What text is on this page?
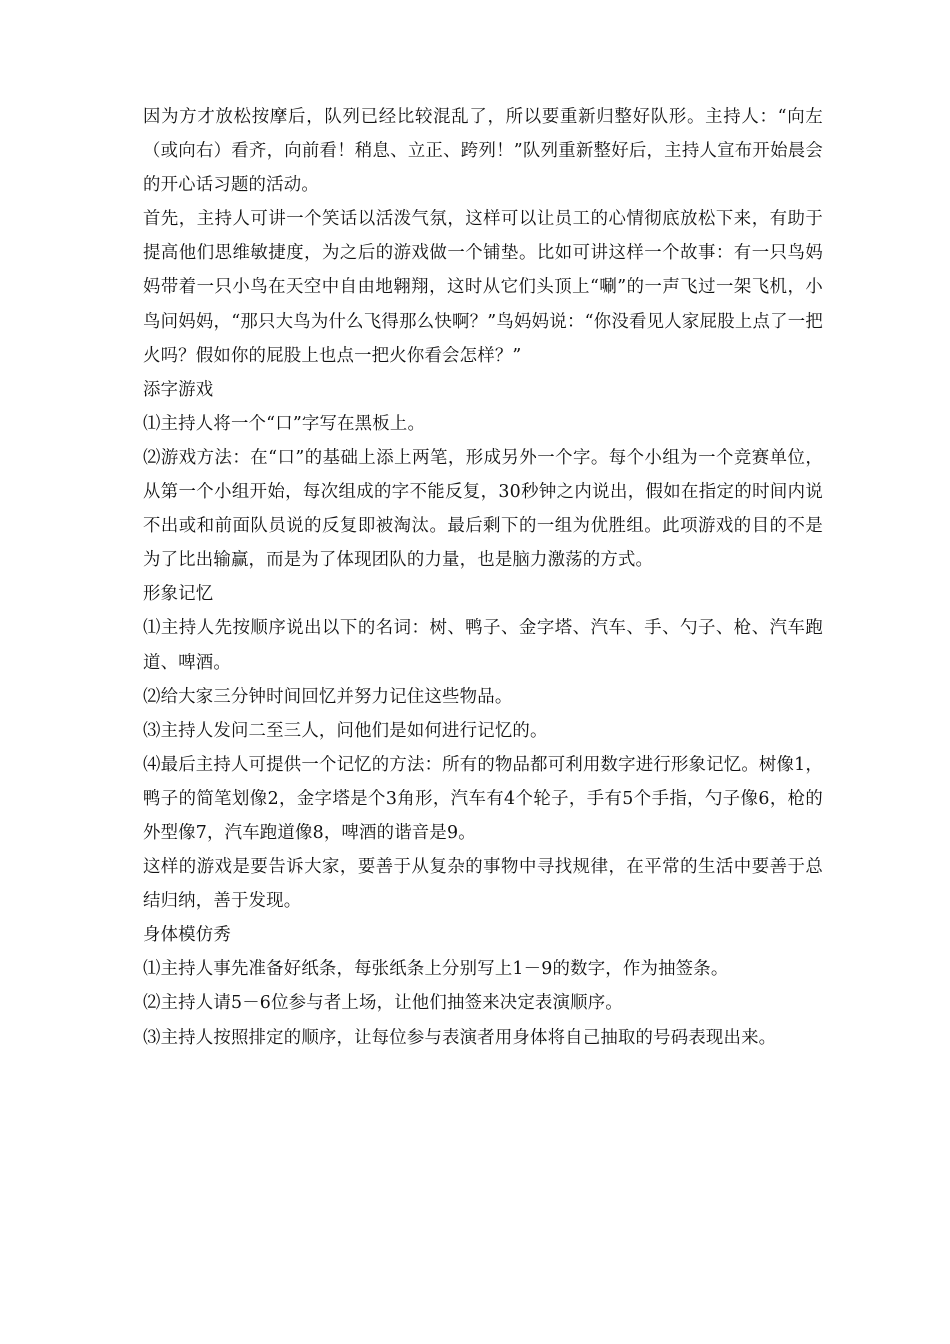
因为方才放松按摩后，队列已经比较混乱了，所以要重新归整好队形。主持人：“向左（或向右）看齐，向前看！稍息、立正、跨列！”队列重新整好后，主持人宣布开始晨会的开心话习题的活动。

首先，主持人可讲一个笑话以活泼气氛，这样可以让员工的心情彻底放松下来，有助于提高他们思维敏捷度，为之后的游戏做一个铺垫。比如可讲这样一个故事：有一只鸟妈妈带着一只小鸟在天空中自由地翱翔，这时从它们头顶上“唰”的一声飞过一架飞机，小鸟问妈妈，“那只大鸟为什么飞得那么快啊？”鸟妈妈说：“你没看见人家屁股上点了一把火吗？假如你的屁股上也点一把火你看会怎样？”

添字游戏

⑴主持人将一个“口”字写在黑板上。

⑵游戏方法：在“口”的基础上添上两笔，形成另外一个字。每个小组为一个竞赛单位，从第一个小组开始，每次组成的字不能反复，30秒钟之内说出，假如在指定的时间内说不出或和前面队员说的反复即被淘汰。最后剩下的一组为优胜组。此项游戏的目的不是为了比出输赢，而是为了体现团队的力量，也是脑力激荡的方式。

形象记忆

⑴主持人先按顺序说出以下的名词：树、鸭子、金字塔、汽车、手、勺子、枪、汽车跑道、啤酒。

⑵给大家三分钟时间回忆并努力记住这些物品。

⑶主持人发问二至三人，问他们是如何进行记忆的。

⑷最后主持人可提供一个记忆的方法：所有的物品都可利用数字进行形象记忆。树像1，鸭子的简笔划像2，金字塔是个3角形，汽车有4个轮子，手有5个手指，勺子像6，枪的外型像7，汽车跑道像8，啤酒的谐音是9。

这样的游戏是要告诉大家，要善于从复杂的事物中寻找规律，在平常的生活中要善于总结归纳，善于发现。

身体模仿秀

⑴主持人事先准备好纸条，每张纸条上分别写上1－9的数字，作为抽签条。

⑵主持人请5－6位参与者上场，让他们抽签来决定表演顺序。

⑶主持人按照排定的顺序，让每位参与表演者用身体将自己抽取的号码表现出来。
